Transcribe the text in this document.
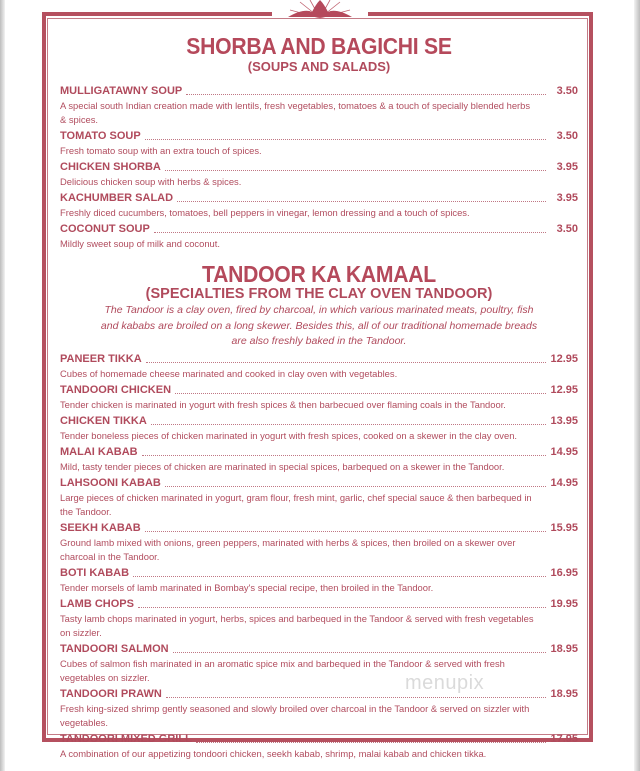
SHORBA AND BAGICHI SE
(SOUPS AND SALADS)
MULLIGATAWNY SOUP	3.50
A special south Indian creation made with lentils, fresh vegetables, tomatoes & a touch of specially blended herbs & spices.
TOMATO SOUP	3.50
Fresh tomato soup with an extra touch of spices.
CHICKEN SHORBA	3.95
Delicious chicken soup with herbs & spices.
KACHUMBER SALAD	3.95
Freshly diced cucumbers, tomatoes, bell peppers in vinegar, lemon dressing and a touch of spices.
COCONUT SOUP	3.50
Mildly sweet soup of milk and coconut.
TANDOOR KA KAMAAL
(SPECIALTIES FROM THE CLAY OVEN TANDOOR)
The Tandoor is a clay oven, fired by charcoal, in which various marinated meats, poultry, fish and kababs are broiled on a long skewer. Besides this, all of our traditional homemade breads are also freshly baked in the Tandoor.
PANEER TIKKA	12.95
Cubes of homemade cheese marinated and cooked in clay oven with vegetables.
TANDOORI CHICKEN	12.95
Tender chicken is marinated in yogurt with fresh spices & then barbecued over flaming coals in the Tandoor.
CHICKEN TIKKA	13.95
Tender boneless pieces of chicken marinated in yogurt with fresh spices, cooked on a skewer in the clay oven.
MALAI KABAB	14.95
Mild, tasty tender pieces of chicken are marinated in special spices, barbequed on a skewer in the Tandoor.
LAHSOONI KABAB	14.95
Large pieces of chicken marinated in yogurt, gram flour, fresh mint, garlic, chef special sauce & then barbequed in the Tandoor.
SEEKH KABAB	15.95
Ground lamb mixed with onions, green peppers, marinated with herbs & spices, then broiled on a skewer over charcoal in the Tandoor.
BOTI KABAB	16.95
Tender morsels of lamb marinated in Bombay's special recipe, then broiled in the Tandoor.
LAMB CHOPS	19.95
Tasty lamb chops marinated in yogurt, herbs, spices and barbequed in the Tandoor & served with fresh vegetables on sizzler.
TANDOORI SALMON	18.95
Cubes of salmon fish marinated in an aromatic spice mix and barbequed in the Tandoor & served with fresh vegetables on sizzler.
TANDOORI PRAWN	18.95
Fresh king-sized shrimp gently seasoned and slowly broiled over charcoal in the Tandoor & served on sizzler with vegetables.
TANDOORI MIXED GRILL	17.95
A combination of our appetizing tondoori chicken, seekh kabab, shrimp, malai kabab and chicken tikka.
menupix
